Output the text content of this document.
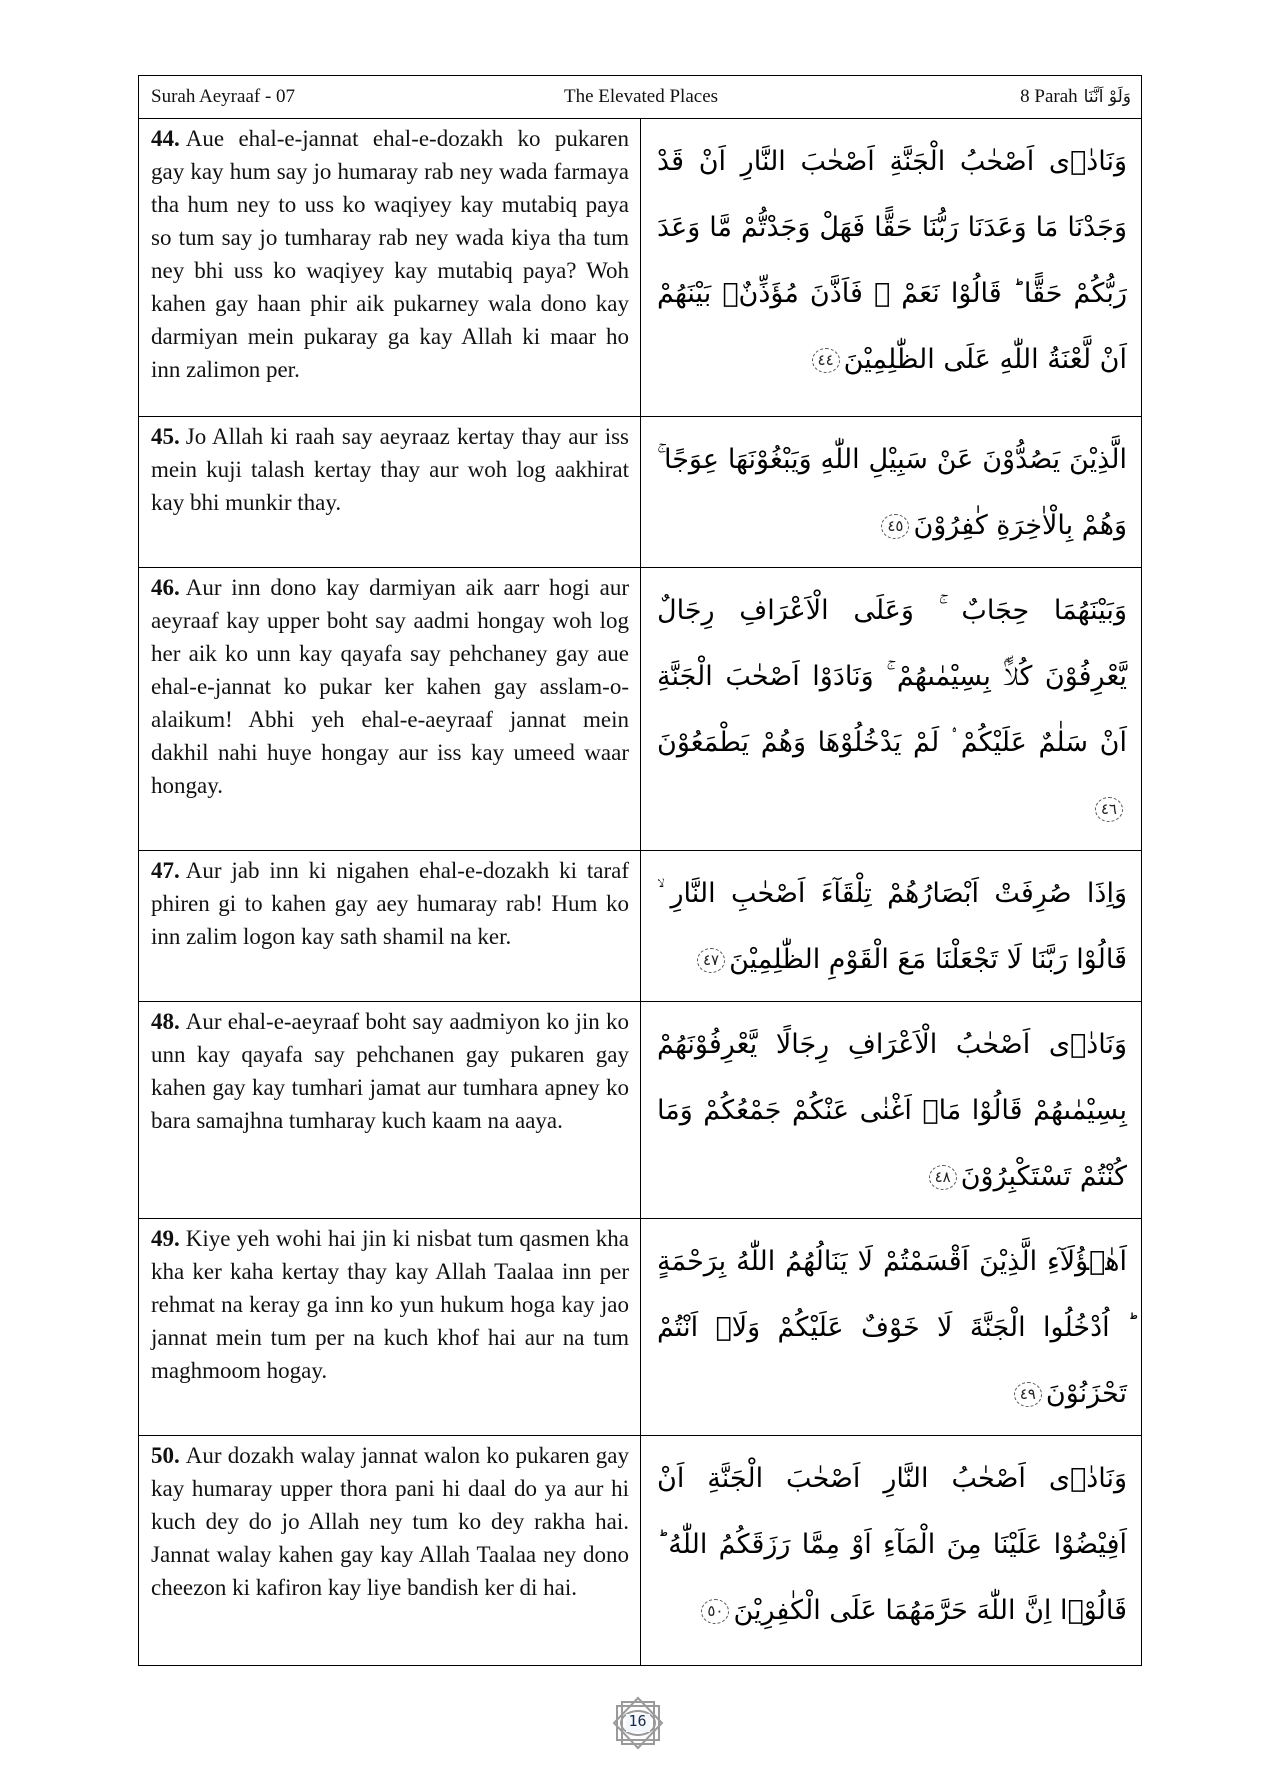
Surah Aeyraaf - 07	The Elevated Places	8 Parah وَلَوْ اَنَّنَا
44. Aue ehal-e-jannat ehal-e-dozakh ko pukaren gay kay hum say jo humaray rab ney wada farmaya tha hum ney to uss ko waqiyey kay mutabiq paya so tum say jo tumharay rab ney wada kiya tha tum ney bhi uss ko waqiyey kay mutabiq paya? Woh kahen gay haan phir aik pukarney wala dono kay darmiyan mein pukaray ga kay Allah ki maar ho inn zalimon per.
وَنَادٰۤى اَصْحٰبُ الْجَنَّةِ اَصْحٰبَ النَّارِ اَنْ قَدْ وَجَدْنَا مَا وَعَدَنَا رَبُّنَا حَقًّا فَهَلْ وَجَدْتُّمْ مَّا وَعَدَ رَبُّكُمْ حَقًّا ؕ قَالُوْا نَعَمْ ۚ فَاَذَّنَ مُؤَذِّنٌۢ بَيْنَهُمْ اَنْ لَّعْنَةُ اللّٰهِ عَلَى الظّٰلِمِيْنَ٤٤
45. Jo Allah ki raah say aeyraaz kertay thay aur iss mein kuji talash kertay thay aur woh log aakhirat kay bhi munkir thay.
الَّذِيْنَ يَصُدُّوْنَ عَنْ سَبِيْلِ اللّٰهِ وَيَبْغُوْنَهَا عِوَجًا ۚ وَهُمْ بِالْاٰخِرَةِ كٰفِرُوْنَ٤٥
46. Aur inn dono kay darmiyan aik aarr hogi aur aeyraaf kay upper boht say aadmi hongay woh log her aik ko unn kay qayafa say pehchaney gay aue ehal-e-jannat ko pukar ker kahen gay asslam-o-alaikum! Abhi yeh ehal-e-aeyraaf jannat mein dakhil nahi huye hongay aur iss kay umeed waar hongay.
وَبَيْنَهُمَا حِجَابٌ ۚ وَعَلَى الْاَعْرَافِ رِجَالٌ يَّعْرِفُوْنَ كُلًّاۢ بِسِيْمٰىهُمْ ۚ وَنَادَوْا اَصْحٰبَ الْجَنَّةِ اَنْ سَلٰمٌ عَلَيْكُمْ ۟ لَمْ يَدْخُلُوْهَا وَهُمْ يَطْمَعُوْنَ٤٦
47. Aur jab inn ki nigahen ehal-e-dozakh ki taraf phiren gi to kahen gay aey humaray rab! Hum ko inn zalim logon kay sath shamil na ker.
وَاِذَا صُرِفَتْ اَبْصَارُهُمْ تِلْقَآءَ اَصْحٰبِ النَّارِ ۙ قَالُوْا رَبَّنَا لَا تَجْعَلْنَا مَعَ الْقَوْمِ الظّٰلِمِيْنَ٤٧
48. Aur ehal-e-aeyraaf boht say aadmiyon ko jin ko unn kay qayafa say pehchanen gay pukaren gay kahen gay kay tumhari jamat aur tumhara apney ko bara samajhna tumharay kuch kaam na aaya.
وَنَادٰۤى اَصْحٰبُ الْاَعْرَافِ رِجَالًا يَّعْرِفُوْنَهُمْ بِسِيْمٰىهُمْ قَالُوْا مَاۤ اَغْنٰى عَنْكُمْ جَمْعُكُمْ وَمَا كُنْتُمْ تَسْتَكْبِرُوْنَ٤٨
49. Kiye yeh wohi hai jin ki nisbat tum qasmen kha kha ker kaha kertay thay kay Allah Taalaa inn per rehmat na keray ga inn ko yun hukum hoga kay jao jannat mein tum per na kuch khof hai aur na tum maghmoom hogay.
اَهٰۤؤُلَآءِ الَّذِيْنَ اَقْسَمْتُمْ لَا يَنَالُهُمُ اللّٰهُ بِرَحْمَةٍ ؕ اُدْخُلُوا الْجَنَّةَ لَا خَوْفٌ عَلَيْكُمْ وَلَاۤ اَنْتُمْ تَحْزَنُوْنَ٤٩
50. Aur dozakh walay jannat walon ko pukaren gay kay humaray upper thora pani hi daal do ya aur hi kuch dey do jo Allah ney tum ko dey rakha hai. Jannat walay kahen gay kay Allah Taalaa ney dono cheezon ki kafiron kay liye bandish ker di hai.
وَنَادٰۤى اَصْحٰبُ النَّارِ اَصْحٰبَ الْجَنَّةِ اَنْ اَفِيْضُوْا عَلَيْنَا مِنَ الْمَآءِ اَوْ مِمَّا رَزَقَكُمُ اللّٰهُ ؕ قَالُوْۤا اِنَّ اللّٰهَ حَرَّمَهُمَا عَلَى الْكٰفِرِيْنَ٥٠
16
